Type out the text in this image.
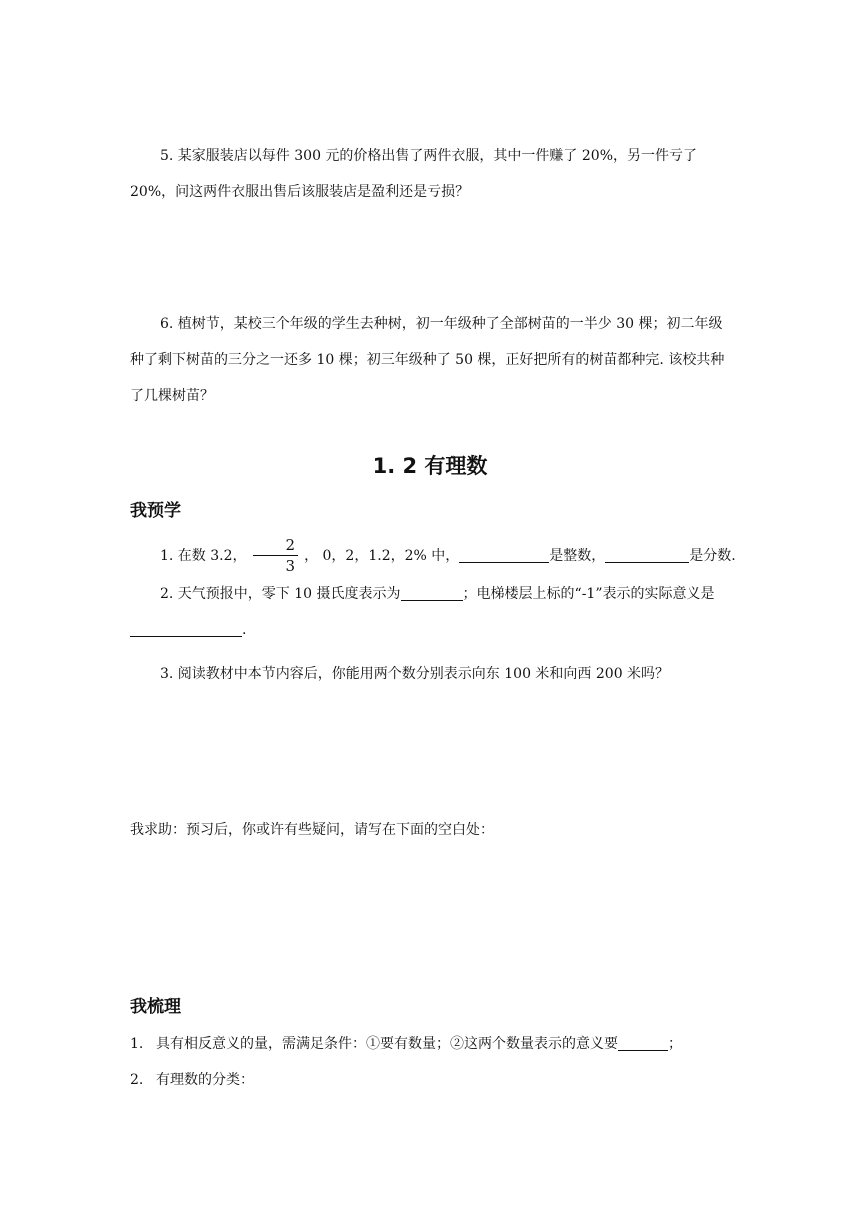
5. 某家服装店以每件 300 元的价格出售了两件衣服，其中一件赚了 20%，另一件亏了 20%，问这两件衣服出售后该服装店是盈利还是亏损？

6. 植树节，某校三个年级的学生去种树，初一年级种了全部树苗的一半少 30 棵；初二年级种了剩下树苗的三分之一还多 10 棵；初三年级种了 50 棵，正好把所有的树苗都种完. 该校共种了几棵树苗？

1. 2 有理数
我预学

1. 在数 3.2， $\frac{2}{3}$ ， 0，2，1.2，2% 中，	是整数，	是分数.

2. 天气预报中，零下 10 摄氏度表示为	；电梯楼层上标的“-1”表示的实际意义是.

3. 阅读教材中本节内容后，你能用两个数分别表示向东 100 米和向西 200 米吗？

我求助：预习后，你或许有些疑问，请写在下面的空白处：

我梳理

1. 具有相反意义的量，需满足条件：①要有数量；②这两个数量表示的意义要	；

2. 有理数的分类：
